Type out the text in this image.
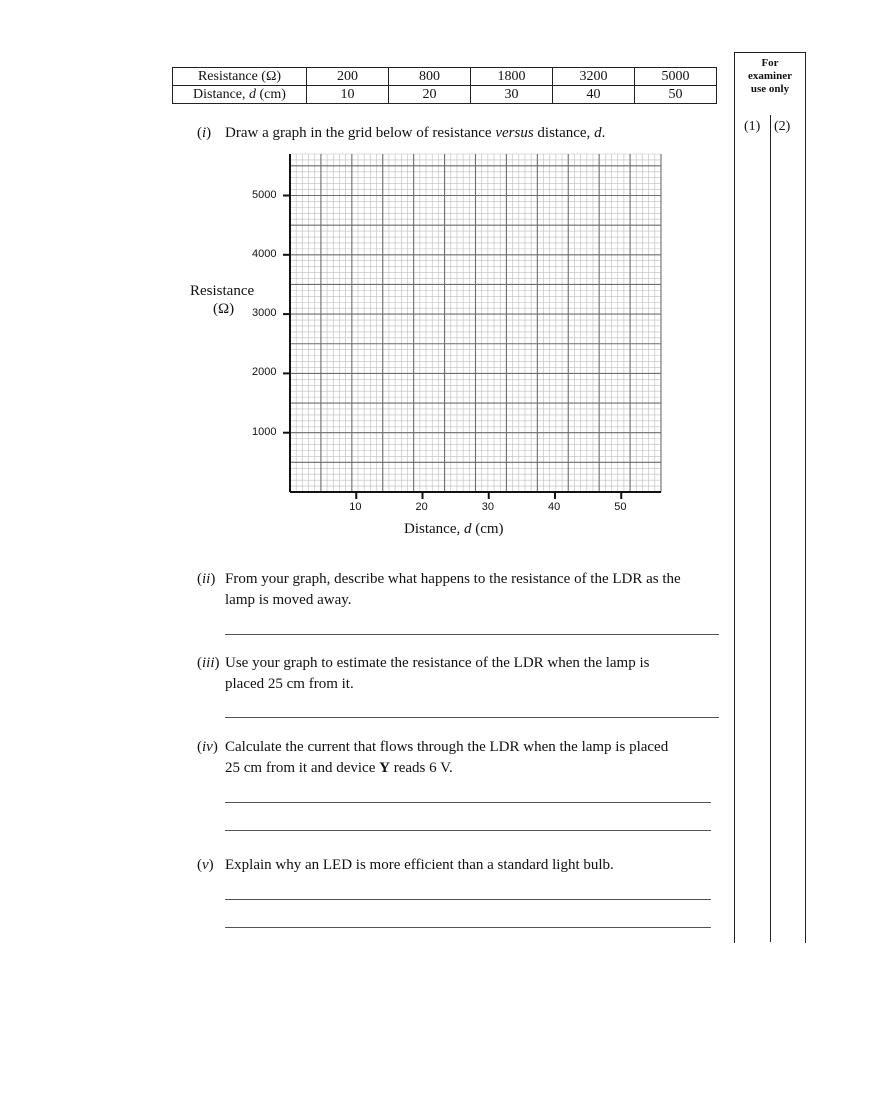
Resistance (Ω)	200	800	1800	3200	5000
Distance, d (cm)	10	20	30	40	50
For
examiner
use only
(1) (2)
(i) Draw a graph in the grid below of resistance versus distance, d.
Resistance
(Ω)
Distance, d (cm)
1000
2000
3000
4000
5000
10	20	30	40	50
(ii) From your graph, describe what happens to the resistance of the LDR as the
lamp is moved away.
(iii) Use your graph to estimate the resistance of the LDR when the lamp is
placed 25 cm from it.
(iv) Calculate the current that flows through the LDR when the lamp is placed
25 cm from it and device Y reads 6 V.
(v) Explain why an LED is more efficient than a standard light bulb.
